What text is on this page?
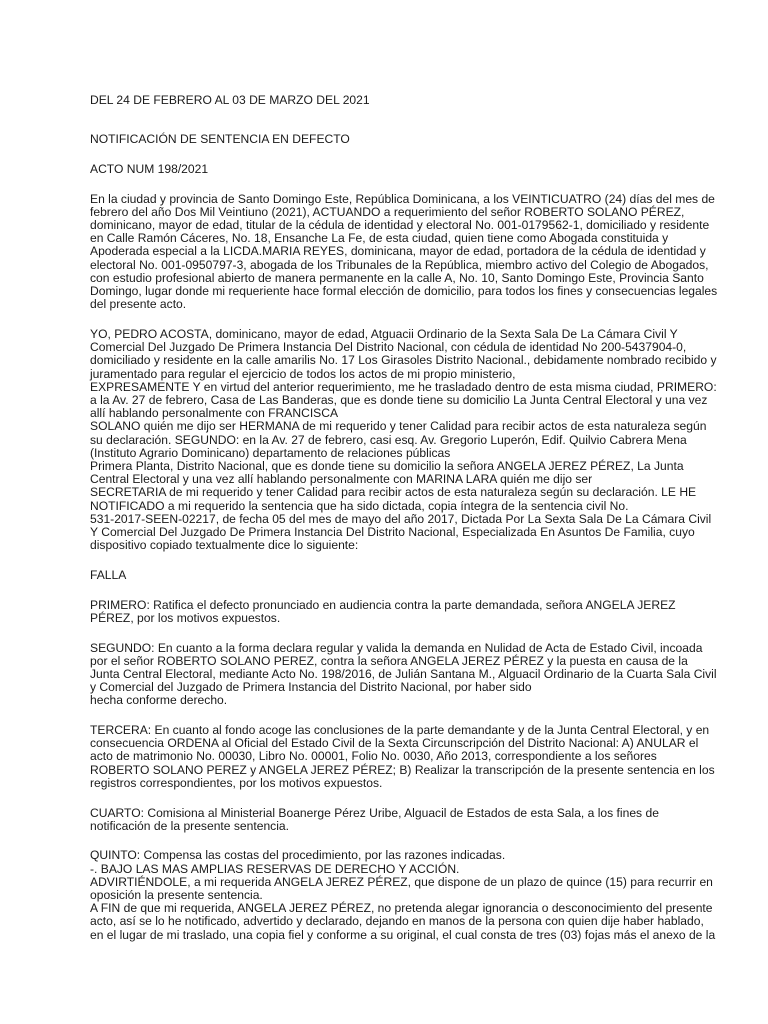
DEL 24 DE FEBRERO AL 03 DE MARZO DEL 2021
NOTIFICACIÓN DE SENTENCIA EN DEFECTO
ACTO NUM 198/2021
En la ciudad y provincia de Santo Domingo Este, República Dominicana, a los VEINTICUATRO (24) días del mes de
febrero del año Dos Mil Veintiuno (2021), ACTUANDO a requerimiento del señor ROBERTO SOLANO PÉREZ,
dominicano, mayor de edad, titular de la cédula de identidad y electoral No. 001-0179562-1, domiciliado y residente
en Calle Ramón Cáceres, No. 18, Ensanche La Fe, de esta ciudad, quien tiene como Abogada constituida y
Apoderada especial a la LICDA.MARIA REYES, dominicana, mayor de edad, portadora de la cédula de identidad y
electoral No. 001-0950797-3, abogada de los Tribunales de la República, miembro activo del Colegio de Abogados,
con estudio profesional abierto de manera permanente en la calle A, No. 10, Santo Domingo Este, Provincia Santo
Domingo, lugar donde mi requeriente hace formal elección de domicilio, para todos los fines y consecuencias legales
del presente acto.
YO, PEDRO ACOSTA, dominicano, mayor de edad, Atguacii Ordinario de la Sexta Sala De La Cámara Civil Y
Comercial Del Juzgado De Primera Instancia Del Distrito Nacional, con cédula de identidad No 200-5437904-0,
domiciliado y residente en la calle amarilis No. 17 Los Girasoles Distrito Nacional., debidamente nombrado recibido y
juramentado para regular el ejercicio de todos los actos de mi propio ministerio,
EXPRESAMENTE Y en virtud del anterior requerimiento, me he trasladado dentro de esta misma ciudad, PRIMERO:
a la Av. 27 de febrero, Casa de Las Banderas, que es donde tiene su domicilio La Junta Central Electoral y una vez
allí hablando personalmente con FRANCISCA
SOLANO quién me dijo ser HERMANA de mi requerido y tener Calidad para recibir actos de esta naturaleza según
su declaración. SEGUNDO: en la Av. 27 de febrero, casi esq. Av. Gregorio Luperón, Edif. Quilvio Cabrera Mena
(Instituto Agrario Dominicano) departamento de relaciones públicas
Primera Planta, Distrito Nacional, que es donde tiene su domicilio la señora ANGELA JEREZ PÉREZ, La Junta
Central Electoral y una vez allí hablando personalmente con MARINA LARA quién me dijo ser
SECRETARIA de mi requerido y tener Calidad para recibir actos de esta naturaleza según su declaración. LE HE
NOTIFICADO a mi requerido la sentencia que ha sido dictada, copia íntegra de la sentencia civil No.
531-2017-SEEN-02217, de fecha 05 del mes de mayo del año 2017, Dictada Por La Sexta Sala De La Cámara Civil
Y Comercial Del Juzgado De Primera Instancia Del Distrito Nacional, Especializada En Asuntos De Familia, cuyo
dispositivo copiado textualmente dice lo siguiente:
FALLA
PRIMERO: Ratifica el defecto pronunciado en audiencia contra la parte demandada, señora ANGELA JEREZ
PÉREZ, por los motivos expuestos.
SEGUNDO: En cuanto a la forma declara regular y valida la demanda en Nulidad de Acta de Estado Civil, incoada
por el señor ROBERTO SOLANO PEREZ, contra la señora ANGELA JEREZ PÉREZ y la puesta en causa de la
Junta Central Electoral, mediante Acto No. 198/2016, de Julián Santana M., Alguacil Ordinario de la Cuarta Sala Civil
y Comercial del Juzgado de Primera Instancia del Distrito Nacional, por haber sido
hecha conforme derecho.
TERCERA: En cuanto al fondo acoge las conclusiones de la parte demandante y de la Junta Central Electoral, y en
consecuencia ORDENA al Oficial del Estado Civil de la Sexta Circunscripción del Distrito Nacional: A) ANULAR el
acto de matrimonio No. 00030, Libro No. 00001, Folio No. 0030, Año 2013, correspondiente a los señores
ROBERTO SOLANO PEREZ y ANGELA JEREZ PÉREZ; B) Realizar la transcripción de la presente sentencia en los
registros correspondientes, por los motivos expuestos.
CUARTO: Comisiona al Ministerial Boanerge Pérez Uribe, Alguacil de Estados de esta Sala, a los fines de
notificación de la presente sentencia.
QUINTO: Compensa las costas del procedimiento, por las razones indicadas.
-. BAJO LAS MAS AMPLIAS RESERVAS DE DERECHO Y ACCIÓN.
ADVIRTIÉNDOLE, a mi requerida ANGELA JEREZ PÉREZ, que dispone de un plazo de quince (15) para recurrir en
oposición la presente sentencia.
A FIN de que mi requerida, ANGELA JEREZ PÉREZ, no pretenda alegar ignorancia o desconocimiento del presente
acto, así se lo he notificado, advertido y declarado, dejando en manos de la persona con quien dije haber hablado,
en el lugar de mi traslado, una copia fiel y conforme a su original, el cual consta de tres (03) fojas más el anexo de la
